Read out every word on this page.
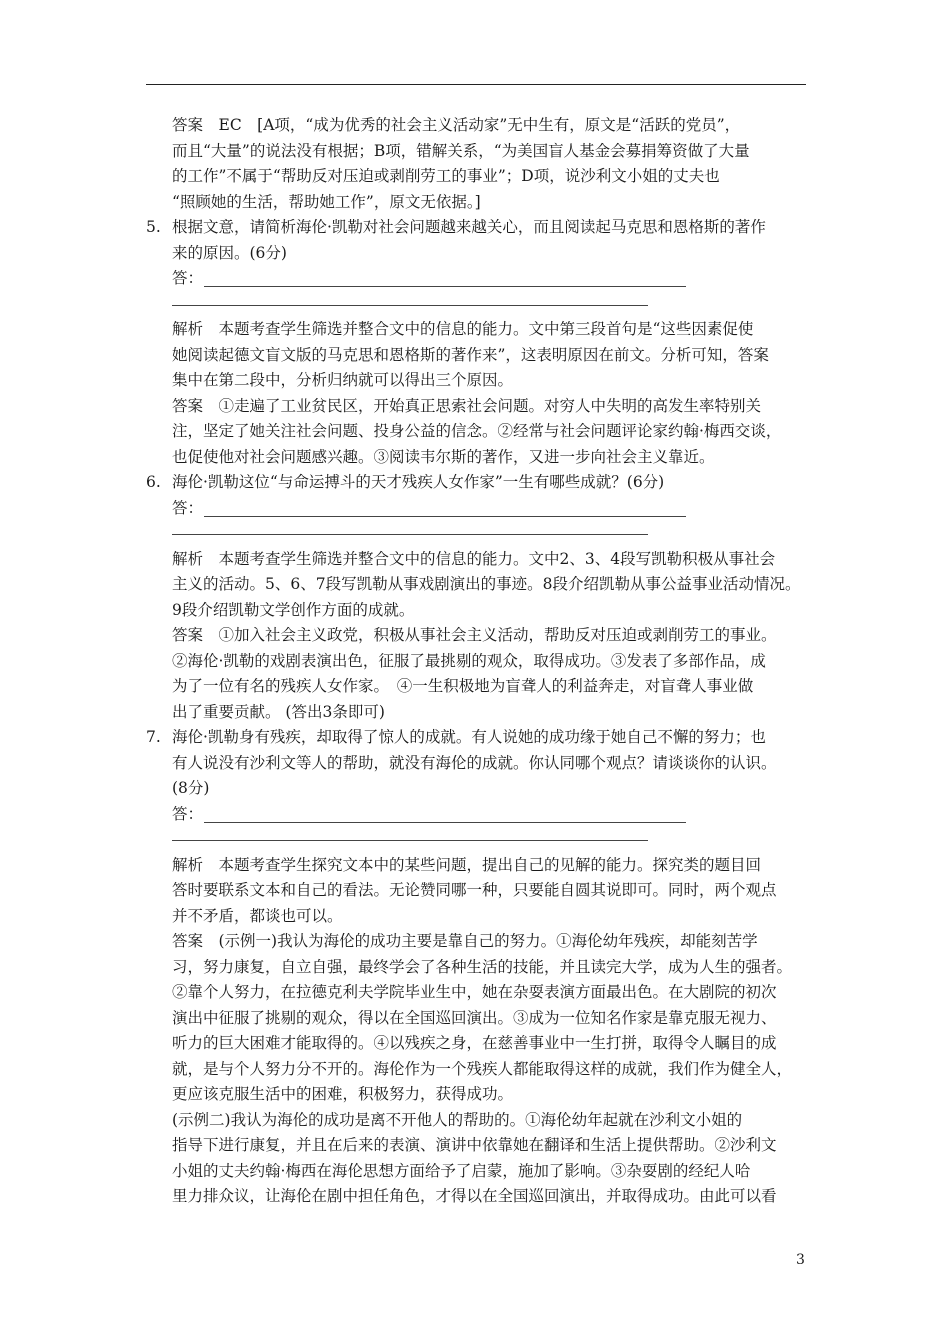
答案　EC　[A项，“成为优秀的社会主义活动家”无中生有，原文是“活跃的党员”，

而且“大量”的说法没有根据；B项，错解关系，“为美国盲人基金会募捐筹资做了大量

的工作”不属于“帮助反对压迫或剥削劳工的事业”；D项，说沙利文小姐的丈夫也

“照顾她的生活，帮助她工作”，原文无依据。]

5. 根据文意，请简析海伦·凯勒对社会问题越来越关心，而且阅读起马克思和恩格斯的著作

来的原因。(6分)

答：

解析　本题考查学生筛选并整合文中的信息的能力。文中第三段首句是“这些因素促使

她阅读起德文盲文版的马克思和恩格斯的著作来”，这表明原因在前文。分析可知，答案

集中在第二段中，分析归纳就可以得出三个原因。

答案　①走遍了工业贫民区，开始真正思索社会问题。对穷人中失明的高发生率特别关

注，坚定了她关注社会问题、投身公益的信念。②经常与社会问题评论家约翰·梅西交谈，

也促使他对社会问题感兴趣。③阅读韦尔斯的著作，又进一步向社会主义靠近。

6. 海伦·凯勒这位“与命运搏斗的天才残疾人女作家”一生有哪些成就？(6分)
答：

解析　本题考查学生筛选并整合文中的信息的能力。文中2、3、4段写凯勒积极从事社会

主义的活动。5、6、7段写凯勒从事戏剧演出的事迹。8段介绍凯勒从事公益事业活动情况。

9段介绍凯勒文学创作方面的成就。

答案　①加入社会主义政党，积极从事社会主义活动，帮助反对压迫或剥削劳工的事业。

②海伦·凯勒的戏剧表演出色，征服了最挑剔的观众，取得成功。③发表了多部作品，成

为了一位有名的残疾人女作家。　④一生积极地为盲聋人的利益奔走，对盲聋人事业做

出了重要贡献。 (答出3条即可)

7. 海伦·凯勒身有残疾，却取得了惊人的成就。有人说她的成功缘于她自己不懈的努力；也

有人说没有沙利文等人的帮助，就没有海伦的成就。你认同哪个观点？请谈谈你的认识。

(8分)

答：

解析　本题考查学生探究文本中的某些问题，提出自己的见解的能力。探究类的题目回

答时要联系文本和自己的看法。无论赞同哪一种，只要能自圆其说即可。同时，两个观点

并不矛盾，都谈也可以。

答案　(示例一)我认为海伦的成功主要是靠自己的努力。①海伦幼年残疾，却能刻苦学

习，努力康复，自立自强，最终学会了各种生活的技能，并且读完大学，成为人生的强者。

②靠个人努力，在拉德克利夫学院毕业生中，她在杂耍表演方面最出色。在大剧院的初次

演出中征服了挑剔的观众，得以在全国巡回演出。③成为一位知名作家是靠克服无视力、

听力的巨大困难才能取得的。④以残疾之身，在慈善事业中一生打拼，取得令人瞩目的成

就，是与个人努力分不开的。海伦作为一个残疾人都能取得这样的成就，我们作为健全人，

更应该克服生活中的困难，积极努力，获得成功。

(示例二)我认为海伦的成功是离不开他人的帮助的。①海伦幼年起就在沙利文小姐的

指导下进行康复，并且在后来的表演、演讲中依靠她在翻译和生活上提供帮助。②沙利文

小姐的丈夫约翰·梅西在海伦思想方面给予了启蒙，施加了影响。③杂耍剧的经纪人哈

里力排众议，让海伦在剧中担任角色，才得以在全国巡回演出，并取得成功。由此可以看

3
